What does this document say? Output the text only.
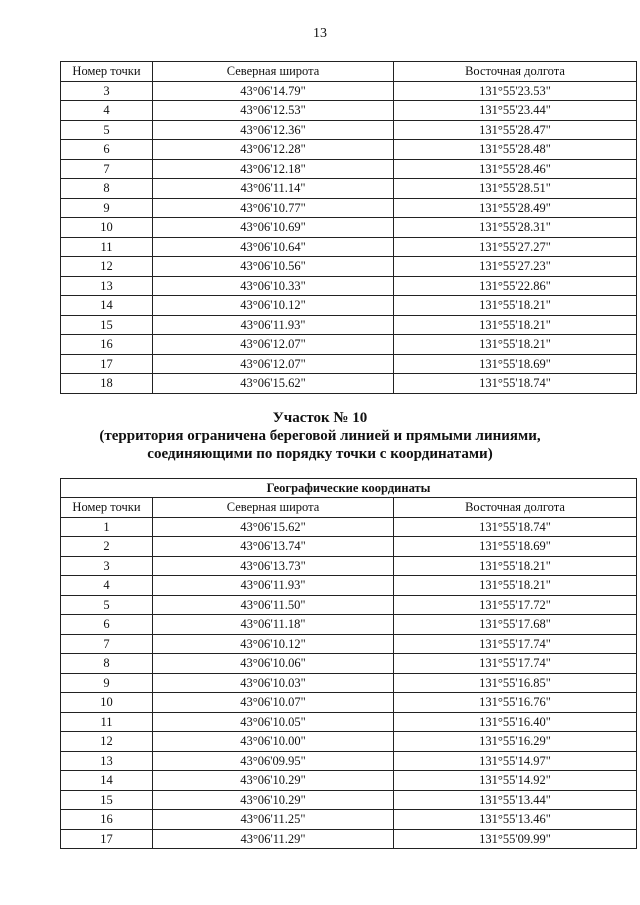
13
Номер точки	Северная широта	Восточная долгота
3	43°06'14.79"	131°55'23.53"
4	43°06'12.53"	131°55'23.44"
5	43°06'12.36"	131°55'28.47"
6	43°06'12.28"	131°55'28.48"
7	43°06'12.18"	131°55'28.46"
8	43°06'11.14"	131°55'28.51"
9	43°06'10.77"	131°55'28.49"
10	43°06'10.69"	131°55'28.31"
11	43°06'10.64"	131°55'27.27"
12	43°06'10.56"	131°55'27.23"
13	43°06'10.33"	131°55'22.86"
14	43°06'10.12"	131°55'18.21"
15	43°06'11.93"	131°55'18.21"
16	43°06'12.07"	131°55'18.21"
17	43°06'12.07"	131°55'18.69"
18	43°06'15.62"	131°55'18.74"
Участок № 10
(территория ограничена береговой линией и прямыми линиями,
соединяющими по порядку точки с координатами)
Географические координаты		
Номер точки	Северная широта	Восточная долгота
1	43°06'15.62"	131°55'18.74"
2	43°06'13.74"	131°55'18.69"
3	43°06'13.73"	131°55'18.21"
4	43°06'11.93"	131°55'18.21"
5	43°06'11.50"	131°55'17.72"
6	43°06'11.18"	131°55'17.68"
7	43°06'10.12"	131°55'17.74"
8	43°06'10.06"	131°55'17.74"
9	43°06'10.03"	131°55'16.85"
10	43°06'10.07"	131°55'16.76"
11	43°06'10.05"	131°55'16.40"
12	43°06'10.00"	131°55'16.29"
13	43°06'09.95"	131°55'14.97"
14	43°06'10.29"	131°55'14.92"
15	43°06'10.29"	131°55'13.44"
16	43°06'11.25"	131°55'13.46"
17	43°06'11.29"	131°55'09.99"
